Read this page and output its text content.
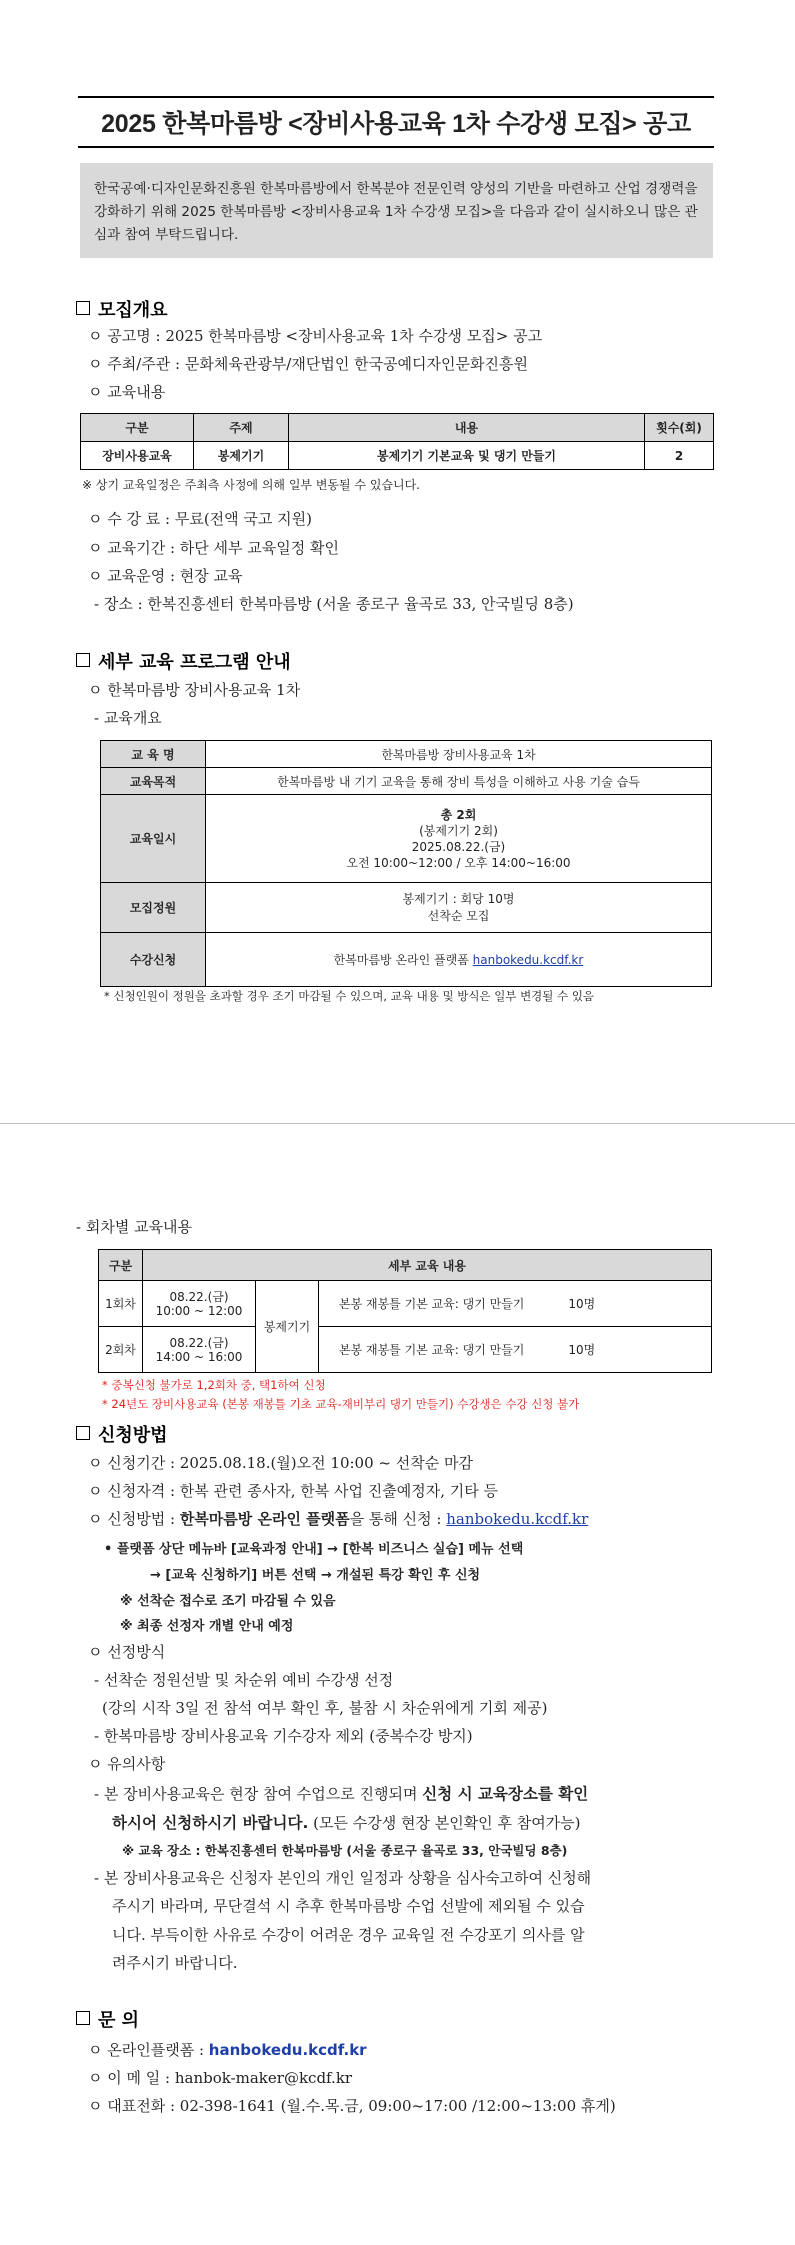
2025 한복마름방 <장비사용교육 1차 수강생 모집> 공고
한국공예·디자인문화진흥원 한복마름방에서 한복분야 전문인력 양성의 기반을 마련하고 산업 경쟁력을 강화하기 위해 2025 한복마름방 <장비사용교육 1차 수강생 모집>을 다음과 같이 실시하오니 많은 관심과 참여 부탁드립니다.
모집개요
ㅇ 공고명 : 2025 한복마름방 <장비사용교육 1차 수강생 모집> 공고
ㅇ 주최/주관 : 문화체육관광부/재단법인 한국공예디자인문화진흥원
ㅇ 교육내용
구분	주제	내용	횟수(회)
장비사용교육	봉제기기	봉제기기 기본교육 및 댕기 만들기	2
※ 상기 교육일정은 주최측 사정에 의해 일부 변동될 수 있습니다.
ㅇ 수 강 료 : 무료(전액 국고 지원)
ㅇ 교육기간 : 하단 세부 교육일정 확인
ㅇ 교육운영 : 현장 교육
- 장소 : 한복진흥센터 한복마름방 (서울 종로구 율곡로 33, 안국빌딩 8층)
세부 교육 프로그램 안내
ㅇ 한복마름방 장비사용교육 1차
- 교육개요
교 육 명	한복마름방 장비사용교육 1차
교육목적	한복마름방 내 기기 교육을 통해 장비 특성을 이해하고 사용 기술 습득
교육일시	총 2회
(봉제기기 2회)
2025.08.22.(금)
오전 10:00~12:00 / 오후 14:00~16:00

모집정원	봉제기기 : 회당 10명
선착순 모집

수강신청	한복마름방 온라인 플랫폼 hanbokedu.kcdf.kr
* 신청인원이 정원을 초과할 경우 조기 마감될 수 있으며, 교육 내용 및 방식은 일부 변경될 수 있음
- 회차별 교육내용
구분	세부 교육 내용		
1회차	08.22.(금)
10:00 ~ 12:00	봉제기기	본봉 재봉틀 기본 교육: 댕기 만들기 10명
2회차	08.22.(금)
14:00 ~ 16:00		본봉 재봉틀 기본 교육: 댕기 만들기 10명
* 중복신청 불가로 1,2회차 중, 택1하여 신청
* 24년도 장비사용교육 (본봉 재봉틀 기초 교육-재비부리 댕기 만들기) 수강생은 수강 신청 불가
신청방법
ㅇ 신청기간 : 2025.08.18.(월)오전 10:00 ~ 선착순 마감
ㅇ 신청자격 : 한복 관련 종사자, 한복 사업 진출예정자, 기타 등
ㅇ 신청방법 : 한복마름방 온라인 플랫폼을 통해 신청 : hanbokedu.kcdf.kr
• 플랫폼 상단 메뉴바 [교육과정 안내] → [한복 비즈니스 실습] 메뉴 선택
→ [교육 신청하기] 버튼 선택 → 개설된 특강 확인 후 신청
※ 선착순 접수로 조기 마감될 수 있음
※ 최종 선정자 개별 안내 예정
ㅇ 선정방식
- 선착순 정원선발 및 차순위 예비 수강생 선정
(강의 시작 3일 전 참석 여부 확인 후, 불참 시 차순위에게 기회 제공)
- 한복마름방 장비사용교육 기수강자 제외 (중복수강 방지)
ㅇ 유의사항
- 본 장비사용교육은 현장 참여 수업으로 진행되며 신청 시 교육장소를 확인
하시어 신청하시기 바랍니다. (모든 수강생 현장 본인확인 후 참여가능)
※ 교육 장소 : 한복진흥센터 한복마름방 (서울 종로구 율곡로 33, 안국빌딩 8층)
- 본 장비사용교육은 신청자 본인의 개인 일정과 상황을 심사숙고하여 신청해
주시기 바라며, 무단결석 시 추후 한복마름방 수업 선발에 제외될 수 있습
니다. 부득이한 사유로 수강이 어려운 경우 교육일 전 수강포기 의사를 알
려주시기 바랍니다.
문 의
ㅇ 온라인플랫폼 : hanbokedu.kcdf.kr
ㅇ 이 메 일 : hanbok-maker@kcdf.kr
ㅇ 대표전화 : 02-398-1641 (월.수.목.금, 09:00~17:00 /12:00~13:00 휴게)
